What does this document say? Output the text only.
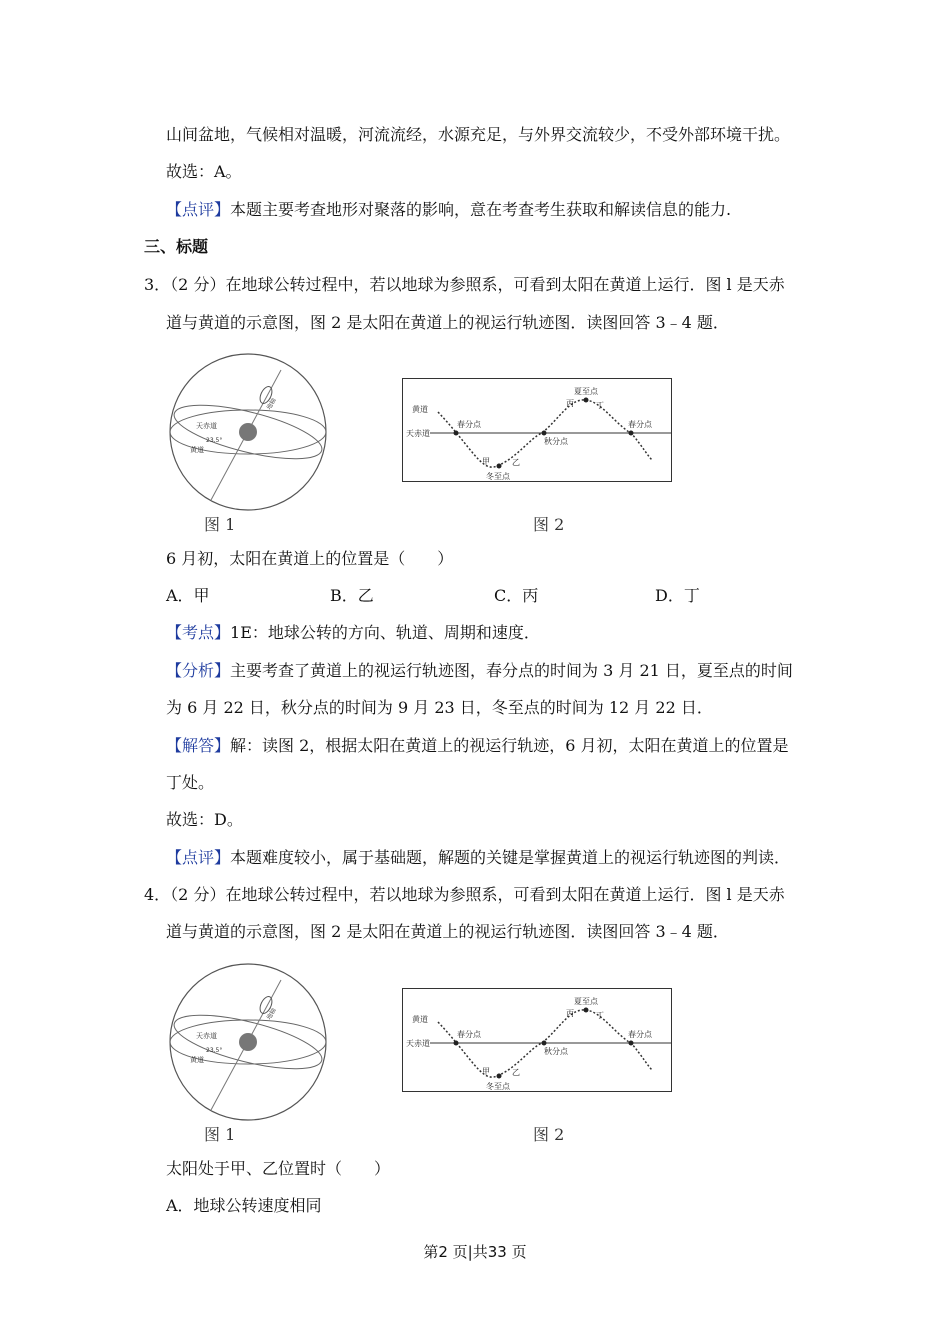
山间盆地，气候相对温暖，河流流经，水源充足，与外界交流较少，不受外部环境干扰。
故选：A。
【点评】本题主要考查地形对聚落的影响，意在考查考生获取和解读信息的能力.
三、标题
3．（2 分）在地球公转过程中，若以地球为参照系，可看到太阳在黄道上运行．图 l 是天赤
道与黄道的示意图，图 2 是太阳在黄道上的视运行轨迹图．读图回答 3﹣4 题．
天赤道
黄道
23.5°
地轴
图 1
黄道
天赤道
春分点
秋分点
夏至点
冬至点
春分点
甲	乙
丙	丁
图 2
6 月初，太阳在黄道上的位置是（　　）
A．甲	B．乙	C．丙	D．丁
【考点】1E：地球公转的方向、轨道、周期和速度．
【分析】主要考查了黄道上的视运行轨迹图，春分点的时间为 3 月 21 日，夏至点的时间
为 6 月 22 日，秋分点的时间为 9 月 23 日，冬至点的时间为 12 月 22 日．
【解答】解：读图 2，根据太阳在黄道上的视运行轨迹，6 月初，太阳在黄道上的位置是
丁处。
故选：D。
【点评】本题难度较小，属于基础题，解题的关键是掌握黄道上的视运行轨迹图的判读．
4．（2 分）在地球公转过程中，若以地球为参照系，可看到太阳在黄道上运行．图 l 是天赤
道与黄道的示意图，图 2 是太阳在黄道上的视运行轨迹图．读图回答 3﹣4 题．
天赤道
黄道
23.5°
地轴
图 1
黄道
天赤道
春分点
秋分点
夏至点
冬至点
春分点
甲	乙
丙	丁
图 2
太阳处于甲、乙位置时（　　）
A．地球公转速度相同
第2 页|共33 页
